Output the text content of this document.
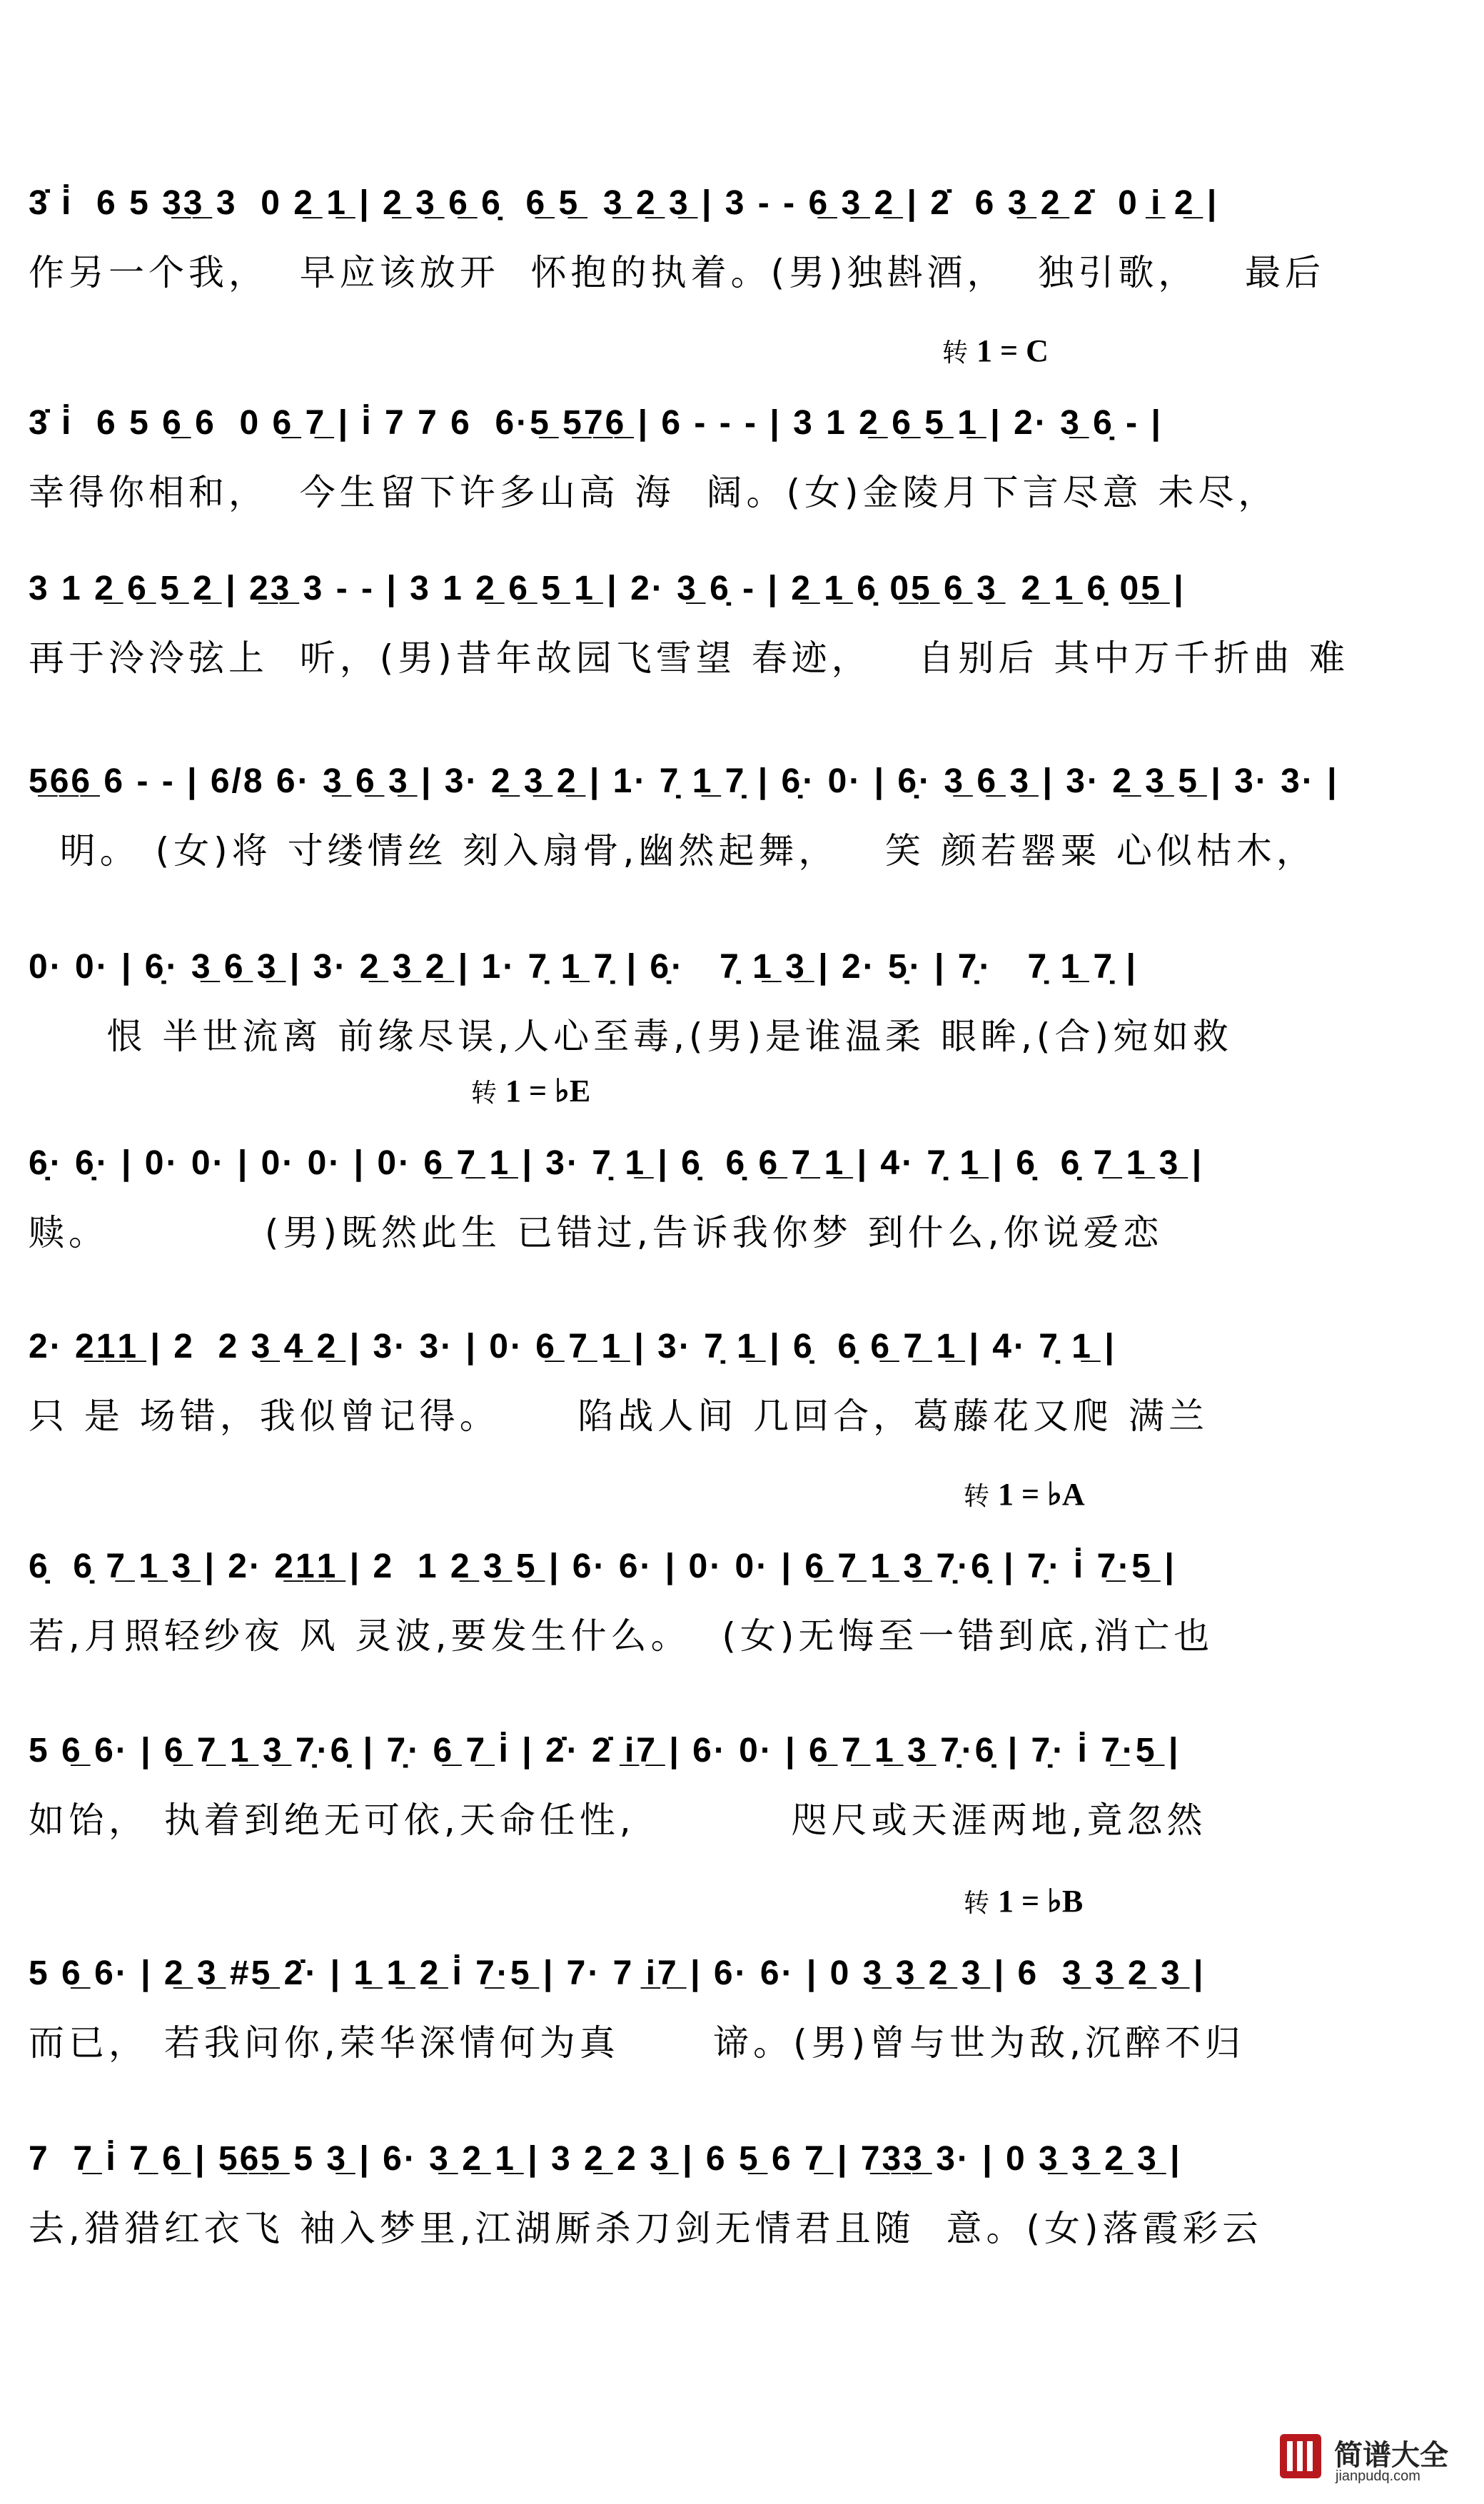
3̇ i̇  6 5 3̲3̲ 3  0 2̲ 1̲ | 2̲ 3̲ 6̲ 6̣  6̲ 5̲  3̲ 2̲ 3̲ | 3 - - 6̲ 3̲ 2̲ | 2̇  6 3̲ 2̲ 2̇  0 i̲ 2̲ |
作另一个我，  早应该放开  怀抱的执着。(男)独斟酒，  独引歌，   最后
转 1 = C
3̇ i̇  6 5 6̲ 6  0 6̲ 7̲ | i̇ 7 7 6  6·5̲ 5̲7̲6̲ | 6 - - - | 3 1 2̲ 6̲ 5̲ 1̲ | 2· 3̲ 6̣ - |
幸得你相和，  今生留下许多山高 海  阔。(女)金陵月下言尽意 未尽，
3 1 2̲ 6̲ 5̲ 2̲ | 2̲3̲ 3 - - | 3 1 2̲ 6̲ 5̲ 1̲ | 2· 3̲ 6̣ - | 2̲ 1̲ 6̣ 0̲5̲ 6̲ 3̲  2̲ 1̲ 6̣ 0̲5̲ |
再于泠泠弦上  听，(男)昔年故园飞雪望 春迹，   自别后 其中万千折曲 难
5̲6̲6̲ 6 - - | 6/8 6· 3̲ 6̲ 3̲ | 3· 2̲ 3̲ 2̲ | 1· 7̣ 1̲ 7̣ | 6̣· 0· | 6̣· 3̲ 6̲ 3̲ | 3· 2̲ 3̲ 5̲ | 3· 3· |
明。 (女)将 寸缕情丝 刻入扇骨,幽然起舞，   笑 颜若罂粟 心似枯木，
0· 0· | 6̣· 3̲ 6̲ 3̲ | 3· 2̲ 3̲ 2̲ | 1· 7̣ 1̲ 7̣ | 6̣·   7̣ 1̲ 3̲ | 2· 5̣· | 7̣·   7̣ 1̲ 7̣ |
恨 半世流离 前缘尽误,人心至毒,(男)是谁温柔 眼眸,(合)宛如救
转 1 = ♭E
6̣· 6̣· | 0· 0· | 0· 0· | 0· 6̲ 7̲ 1̲ | 3· 7̣ 1̲ | 6̣  6̣ 6̲ 7̲ 1̲ | 4· 7̣ 1̲ | 6̣  6̣ 7̲ 1̲ 3̲ |
赎。          (男)既然此生 已错过,告诉我你梦 到什么,你说爱恋
2· 2̲1̲1̲ | 2  2 3̲ 4̲ 2̲ | 3· 3· | 0· 6̲ 7̲ 1̲ | 3· 7̣ 1̲ | 6̣  6̣ 6̲ 7̲ 1̲ | 4· 7̣ 1̲ |
只 是 场错，我似曾记得。     陷战人间 几回合，葛藤花又爬 满兰
转 1 = ♭A
6̣  6̣ 7̲ 1̲ 3̲ | 2· 2̲1̲1̲ | 2  1 2̲ 3̲ 5̲ | 6· 6· | 0· 0· | 6̲ 7̲ 1̲ 3̲ 7̣·6̣ | 7̣· i̇ 7̲·5̲ |
若,月照轻纱夜 风 灵波,要发生什么。  (女)无悔至一错到底,消亡也
5 6̲ 6· | 6̲ 7̲ 1̲ 3̲ 7̣·6̣ | 7̣· 6̲ 7̲ i̇ | 2̇· 2̇ i̲7̲ | 6· 0· | 6̲ 7̲ 1̲ 3̲ 7̣·6̣ | 7̣· i̇ 7̲·5̲ |
如饴， 执着到绝无可依,天命任性,          咫尺或天涯两地,竟忽然
转 1 = ♭B
5 6̲ 6· | 2̲ 3̲ #5̲ 2̇· | 1̲ 1̲ 2̲ i̇ 7̲·5̲ | 7· 7 i̲7̲ | 6· 6· | 0 3̲ 3̲ 2̲ 3̲ | 6  3̲ 3̲ 2̲ 3̲ |
而已， 若我问你,荣华深情何为真      谛。(男)曾与世为敌,沉醉不归
7  7̲ i̇ 7̲ 6̲ | 5̲6̲5̲ 5 3̲ | 6· 3̲ 2̲ 1̲ | 3 2̲ 2 3̲ | 6 5̲ 6 7̲ | 7̲3̲3̲ 3· | 0 3̲ 3̲ 2̲ 3̲ |
去,猎猎红衣飞 袖入梦里,江湖厮杀刀剑无情君且随  意。(女)落霞彩云
简谱大全
jianpudq.com
